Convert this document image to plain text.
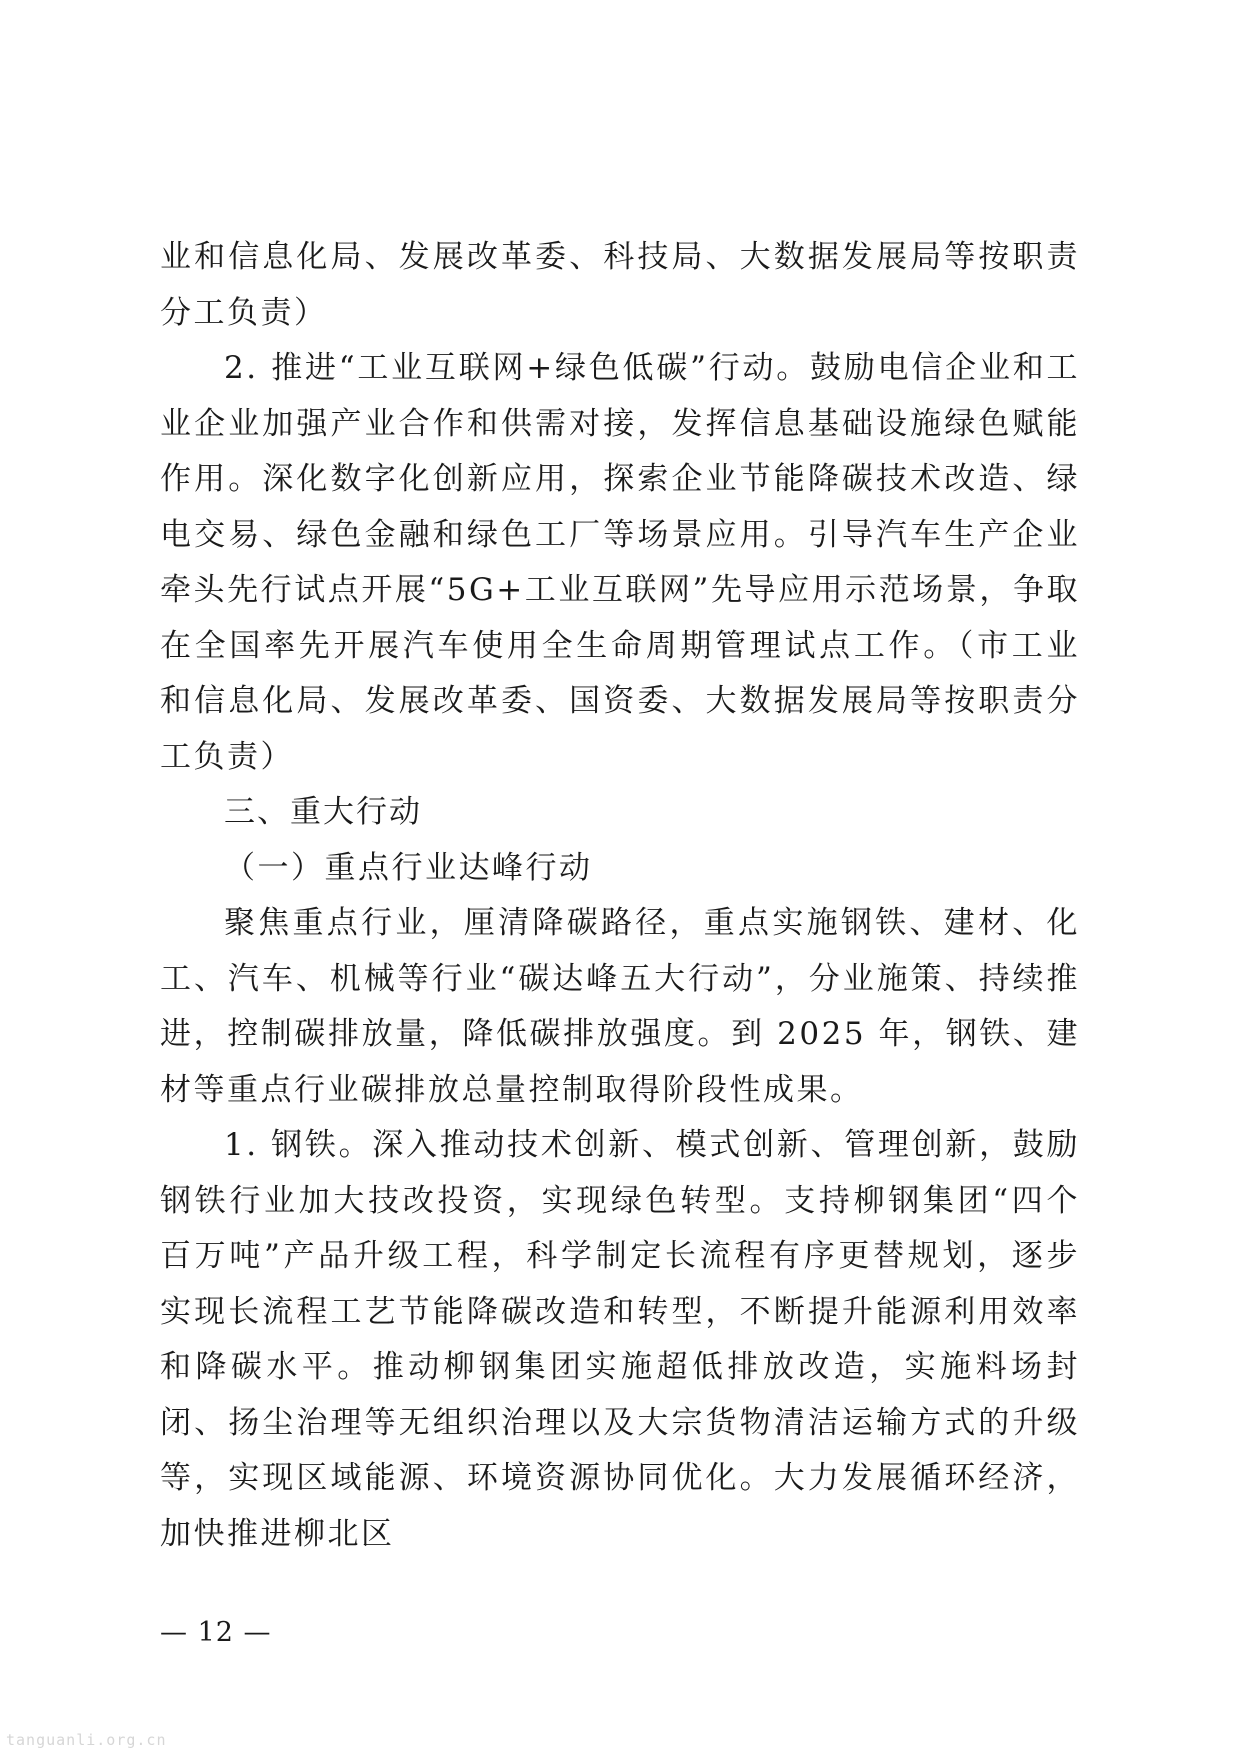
业和信息化局、发展改革委、科技局、大数据发展局等按职责分工负责）

2. 推进“工业互联网+绿色低碳”行动。鼓励电信企业和工业企业加强产业合作和供需对接，发挥信息基础设施绿色赋能作用。深化数字化创新应用，探索企业节能降碳技术改造、绿电交易、绿色金融和绿色工厂等场景应用。引导汽车生产企业牵头先行试点开展“5G+工业互联网”先导应用示范场景，争取在全国率先开展汽车使用全生命周期管理试点工作。（市工业和信息化局、发展改革委、国资委、大数据发展局等按职责分工负责）

三、重大行动

（一）重点行业达峰行动

聚焦重点行业，厘清降碳路径，重点实施钢铁、建材、化工、汽车、机械等行业“碳达峰五大行动”，分业施策、持续推进，控制碳排放量，降低碳排放强度。到 2025 年，钢铁、建材等重点行业碳排放总量控制取得阶段性成果。

1. 钢铁。深入推动技术创新、模式创新、管理创新，鼓励钢铁行业加大技改投资，实现绿色转型。支持柳钢集团“四个百万吨”产品升级工程，科学制定长流程有序更替规划，逐步实现长流程工艺节能降碳改造和转型，不断提升能源利用效率和降碳水平。推动柳钢集团实施超低排放改造，实施料场封闭、扬尘治理等无组织治理以及大宗货物清洁运输方式的升级等，实现区域能源、环境资源协同优化。大力发展循环经济，加快推进柳北区

— 12 —
tanguanli.org.cn
